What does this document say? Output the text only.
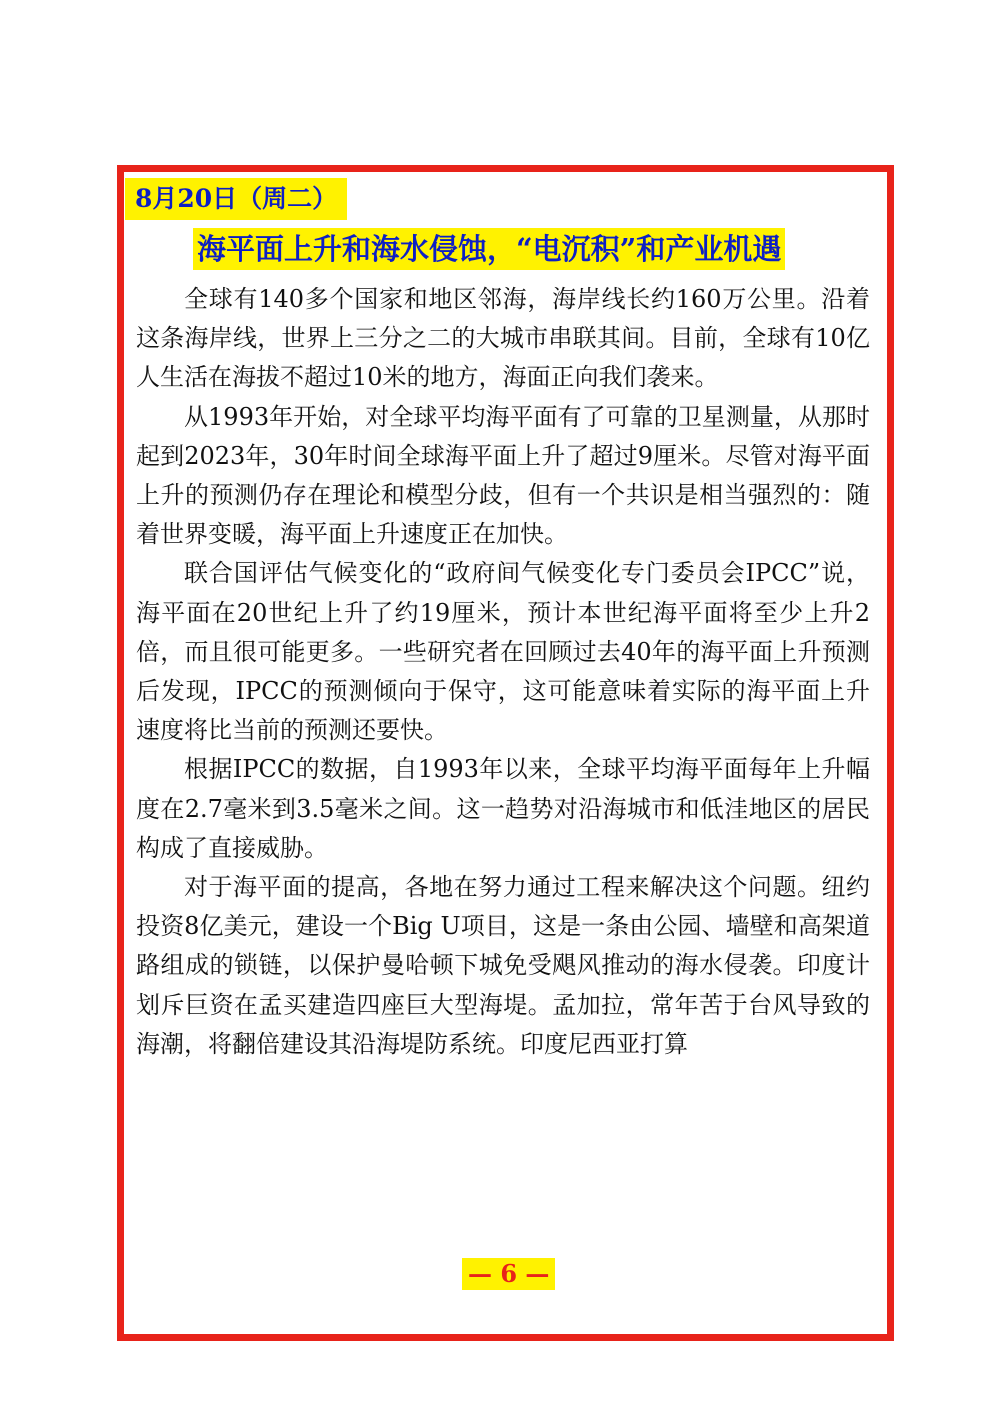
8月20日（周二）
海平面上升和海水侵蚀，“电沉积”和产业机遇

全球有140多个国家和地区邻海，海岸线长约160万公里。沿着这条海岸线，世界上三分之二的大城市串联其间。目前，全球有10亿人生活在海拔不超过10米的地方，海面正向我们袭来。

从1993年开始，对全球平均海平面有了可靠的卫星测量，从那时起到2023年，30年时间全球海平面上升了超过9厘米。尽管对海平面上升的预测仍存在理论和模型分歧，但有一个共识是相当强烈的：随着世界变暖，海平面上升速度正在加快。

联合国评估气候变化的“政府间气候变化专门委员会IPCC”说，海平面在20世纪上升了约19厘米，预计本世纪海平面将至少上升2倍，而且很可能更多。一些研究者在回顾过去40年的海平面上升预测后发现，IPCC的预测倾向于保守，这可能意味着实际的海平面上升速度将比当前的预测还要快。

根据IPCC的数据，自1993年以来，全球平均海平面每年上升幅度在2.7毫米到3.5毫米之间。这一趋势对沿海城市和低洼地区的居民构成了直接威胁。

对于海平面的提高，各地在努力通过工程来解决这个问题。纽约投资8亿美元，建设一个Big U项目，这是一条由公园、墙壁和高架道路组成的锁链，以保护曼哈顿下城免受飓风推动的海水侵袭。印度计划斥巨资在孟买建造四座巨大型海堤。孟加拉，常年苦于台风导致的海潮，将翻倍建设其沿海堤防系统。印度尼西亚打算

— 6 —
